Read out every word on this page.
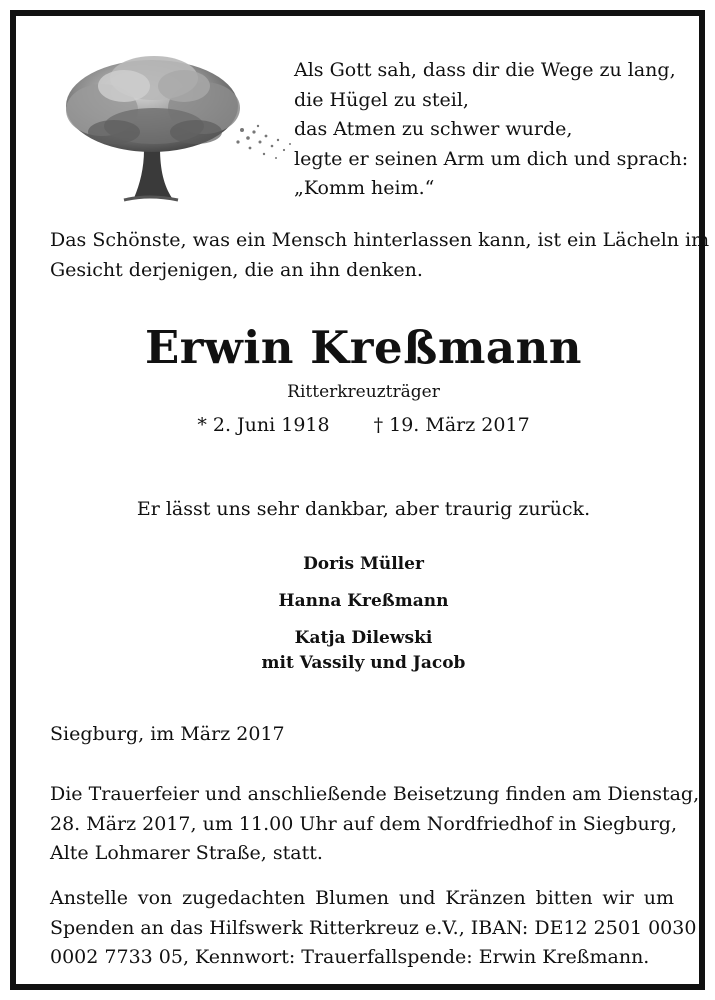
Als Gott sah, dass dir die Wege zu lang,
die Hügel zu steil,
das Atmen zu schwer wurde,
legte er seinen Arm um dich und sprach:
„Komm heim.“
Das Schönste, was ein Mensch hinterlassen kann, ist ein Lächeln im
Gesicht derjenigen, die an ihn denken.
Erwin Kreßmann
Ritterkreuzträger
* 2. Juni 1918 † 19. März 2017
Er lässt uns sehr dankbar, aber traurig zurück.
Doris Müller
Hanna Kreßmann
Katja Dilewski
mit Vassily und Jacob
Siegburg, im März 2017
Die Trauerfeier und anschließende Beisetzung finden am Dienstag,
28. März 2017, um 11.00 Uhr auf dem Nordfriedhof in Siegburg,
Alte Lohmarer Straße, statt.
Anstelle von zugedachten Blumen und Kränzen bitten wir um
Spenden an das Hilfswerk Ritterkreuz e.V., IBAN: DE12 2501 0030
0002 7733 05, Kennwort: Trauerfallspende: Erwin Kreßmann.
